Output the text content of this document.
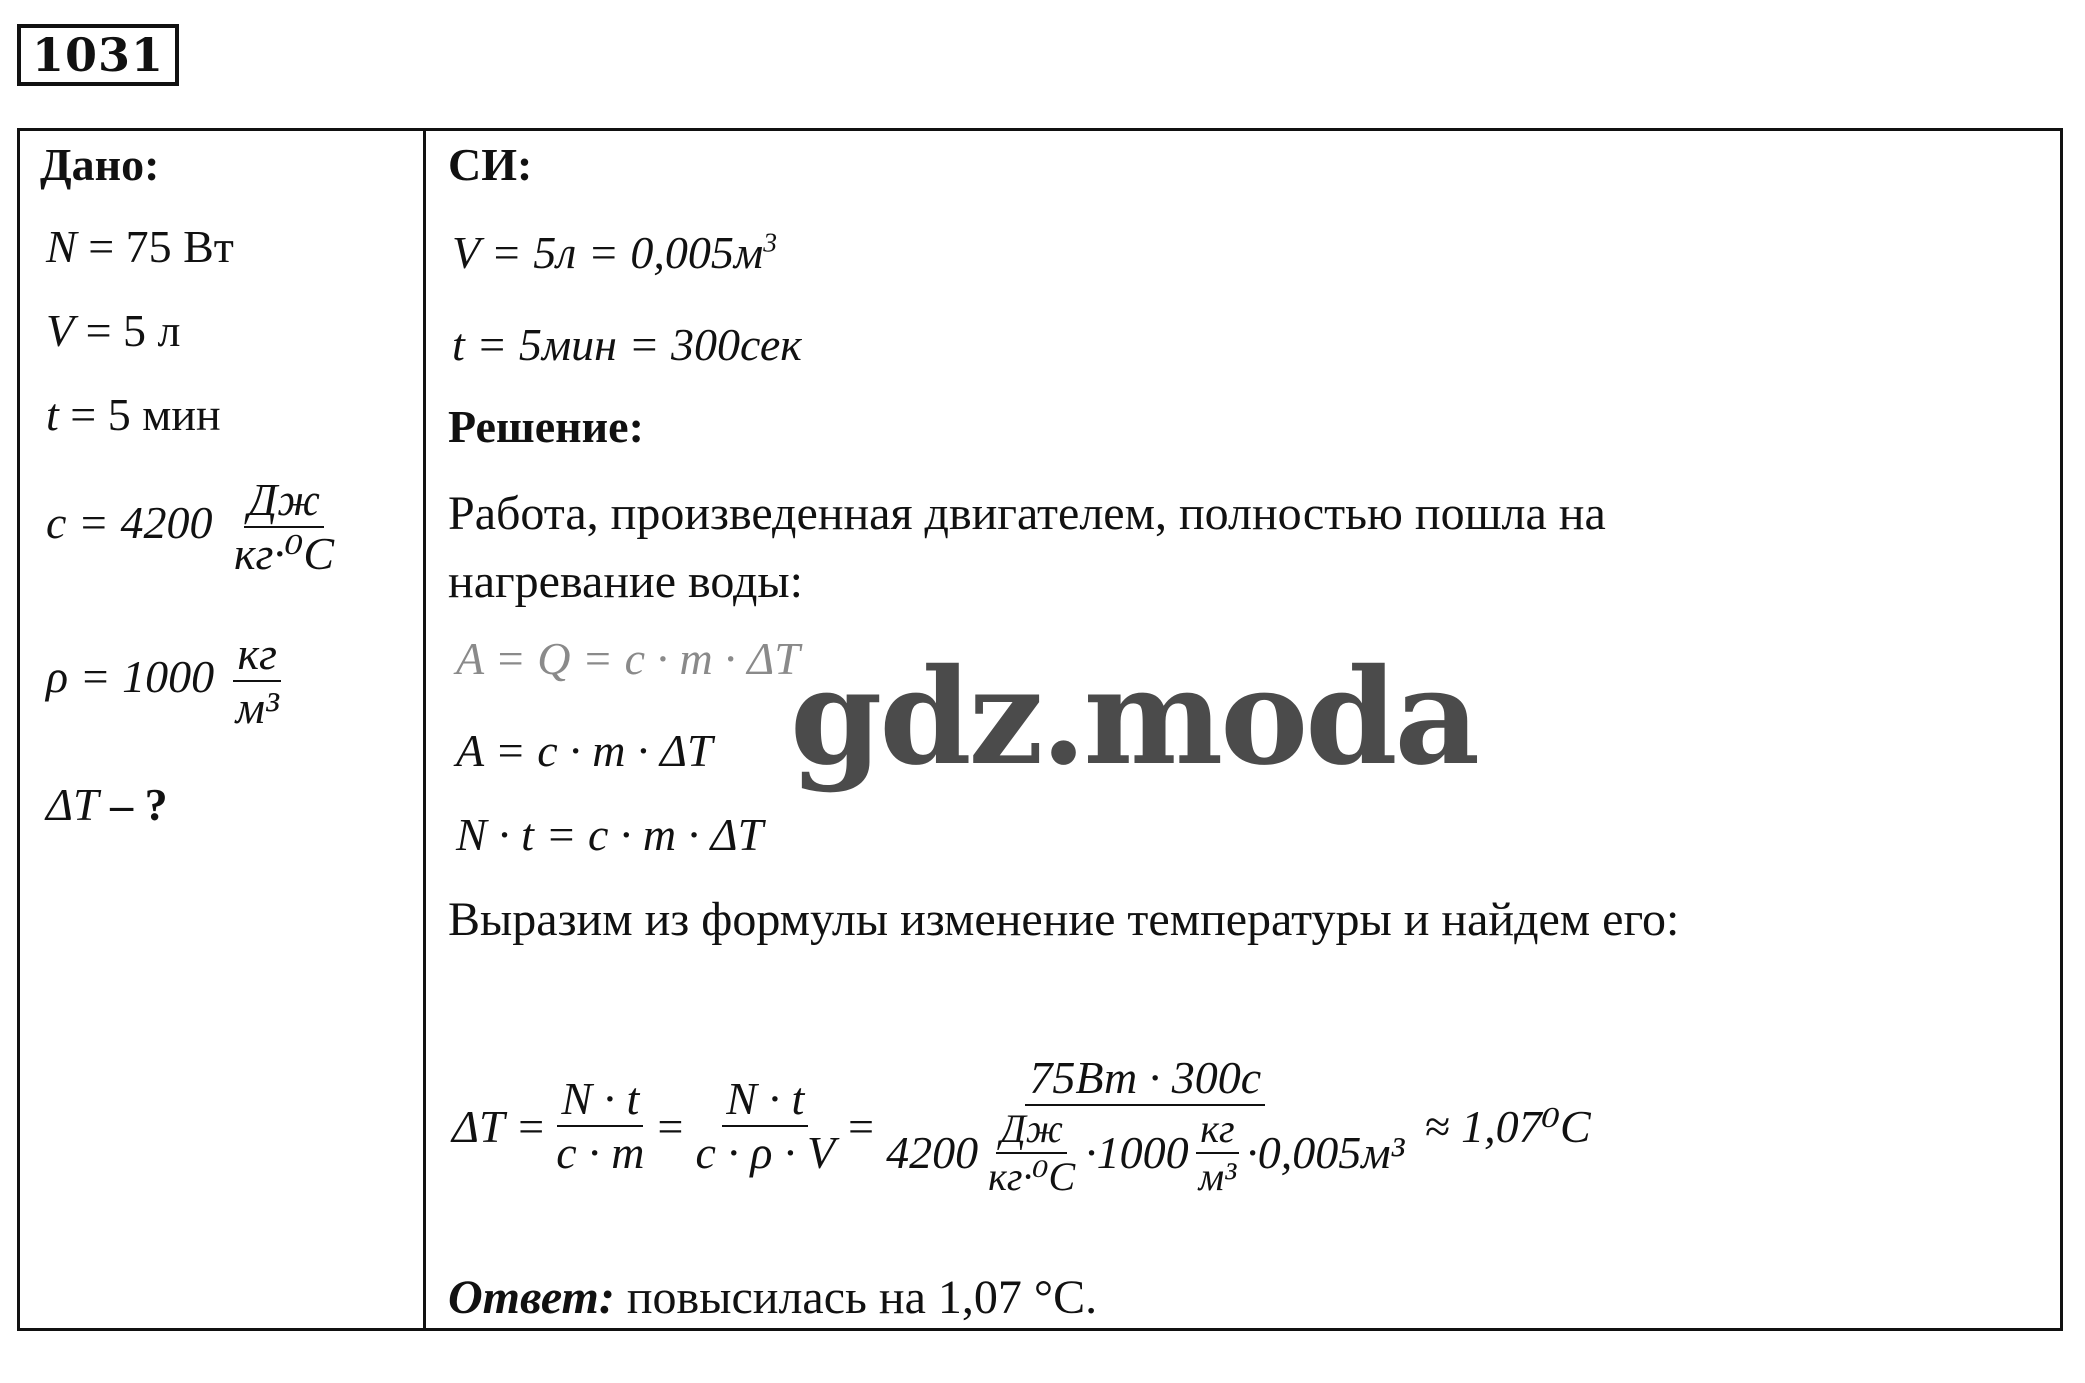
1031
Дано:
N = 75 Вт
V = 5 л
t = 5 мин
$c = 4200 \frac{Дж}{\text{кг·⁰C}}$
$\rho = 1000 \frac{кг}{\text{м³}}$
ΔT – ?
СИ:
$V = 5л = 0,005м^3$
t = 5мин = 300сек
Решение:
Работа, произведенная двигателем, полностью пошла на
нагревание воды:
A = Q = c · m · ΔT
A = c · m · ΔT
N · t = c · m · ΔT
Выразим из формулы изменение температуры и найдем его:
$\Delta T = \frac{N \cdot t}{c \cdot m} = \frac{N \cdot t}{c \cdot \rho \cdot V} = \frac{75Вт \cdot 300с}{4200 \frac{Дж}{\text{кг·⁰C}} \cdot 1000 \frac{кг}{\text{м³}} \cdot 0,005м^3} \approx 1,07^0C$
Ответ: повысилась на 1,07 °С.
gdz.moda
